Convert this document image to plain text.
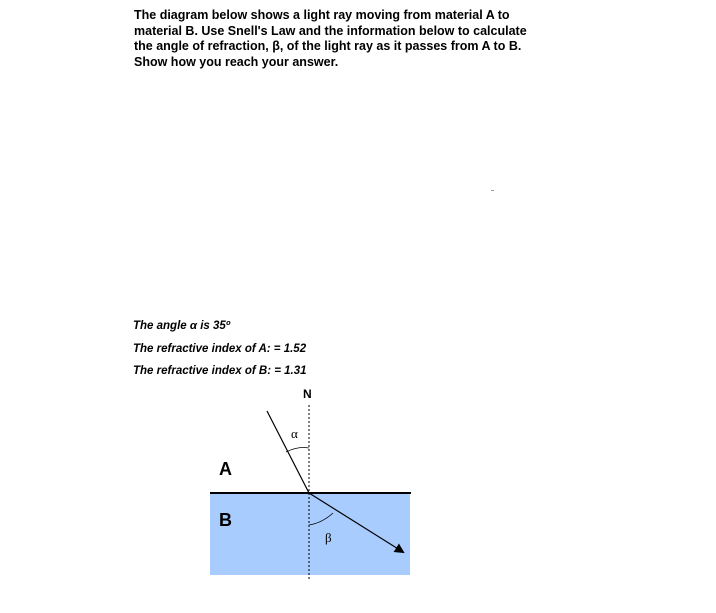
The diagram below shows a light ray moving from material A to
material B. Use Snell's Law and the information below to calculate
the angle of refraction, β, of the light ray as it passes from A to B.
Show how you reach your answer.

The angle α is 35º

The refractive index of A: = 1.52

The refractive index of B: = 1.31

N
A
B
α
β
